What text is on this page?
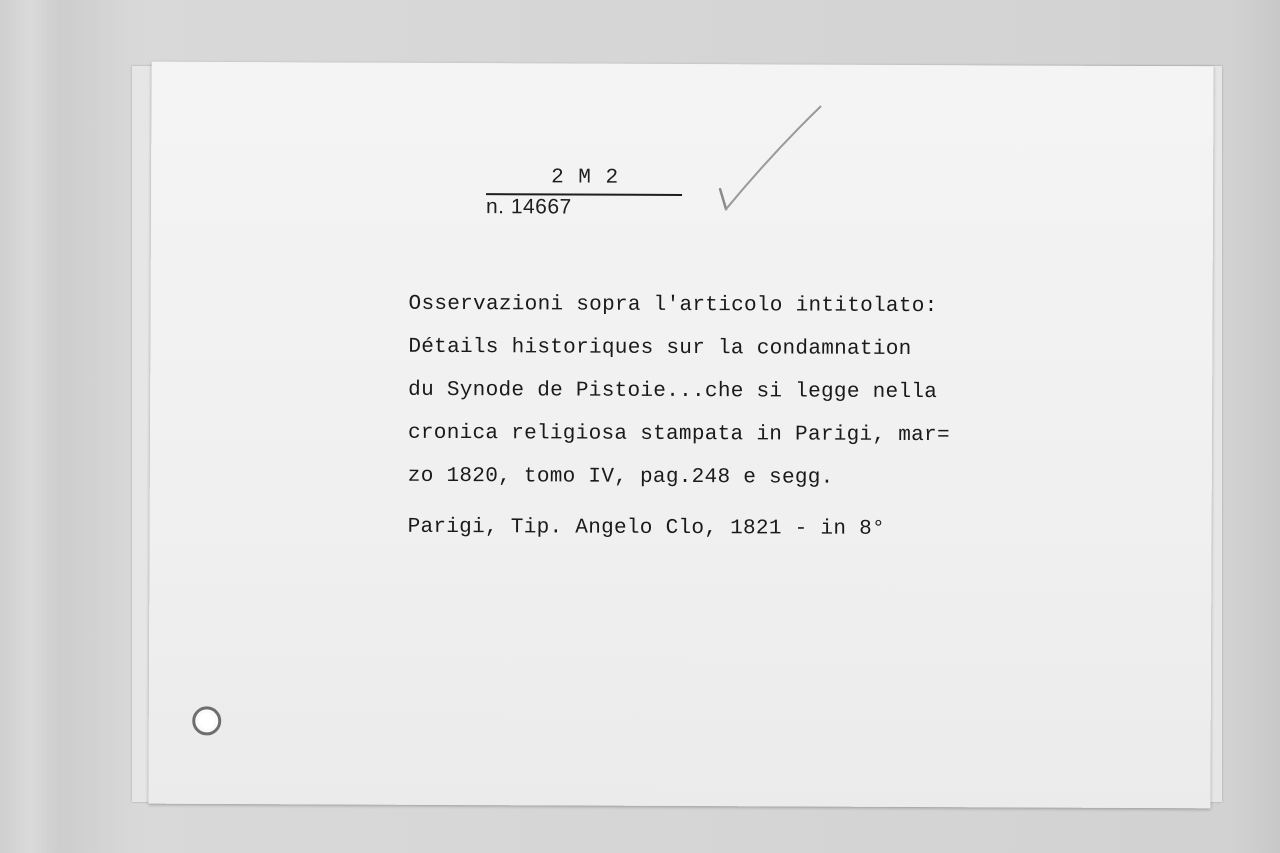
2 M 2
n. 14667
Osservazioni sopra l'articolo intitolato:
Détails historiques sur la condamnation
du Synode de Pistoie...che si legge nella
cronica religiosa stampata in Parigi, mar=
zo 1820, tomo IV, pag.248 e segg.
Parigi, Tip. Angelo Clo, 1821 - in 8°
